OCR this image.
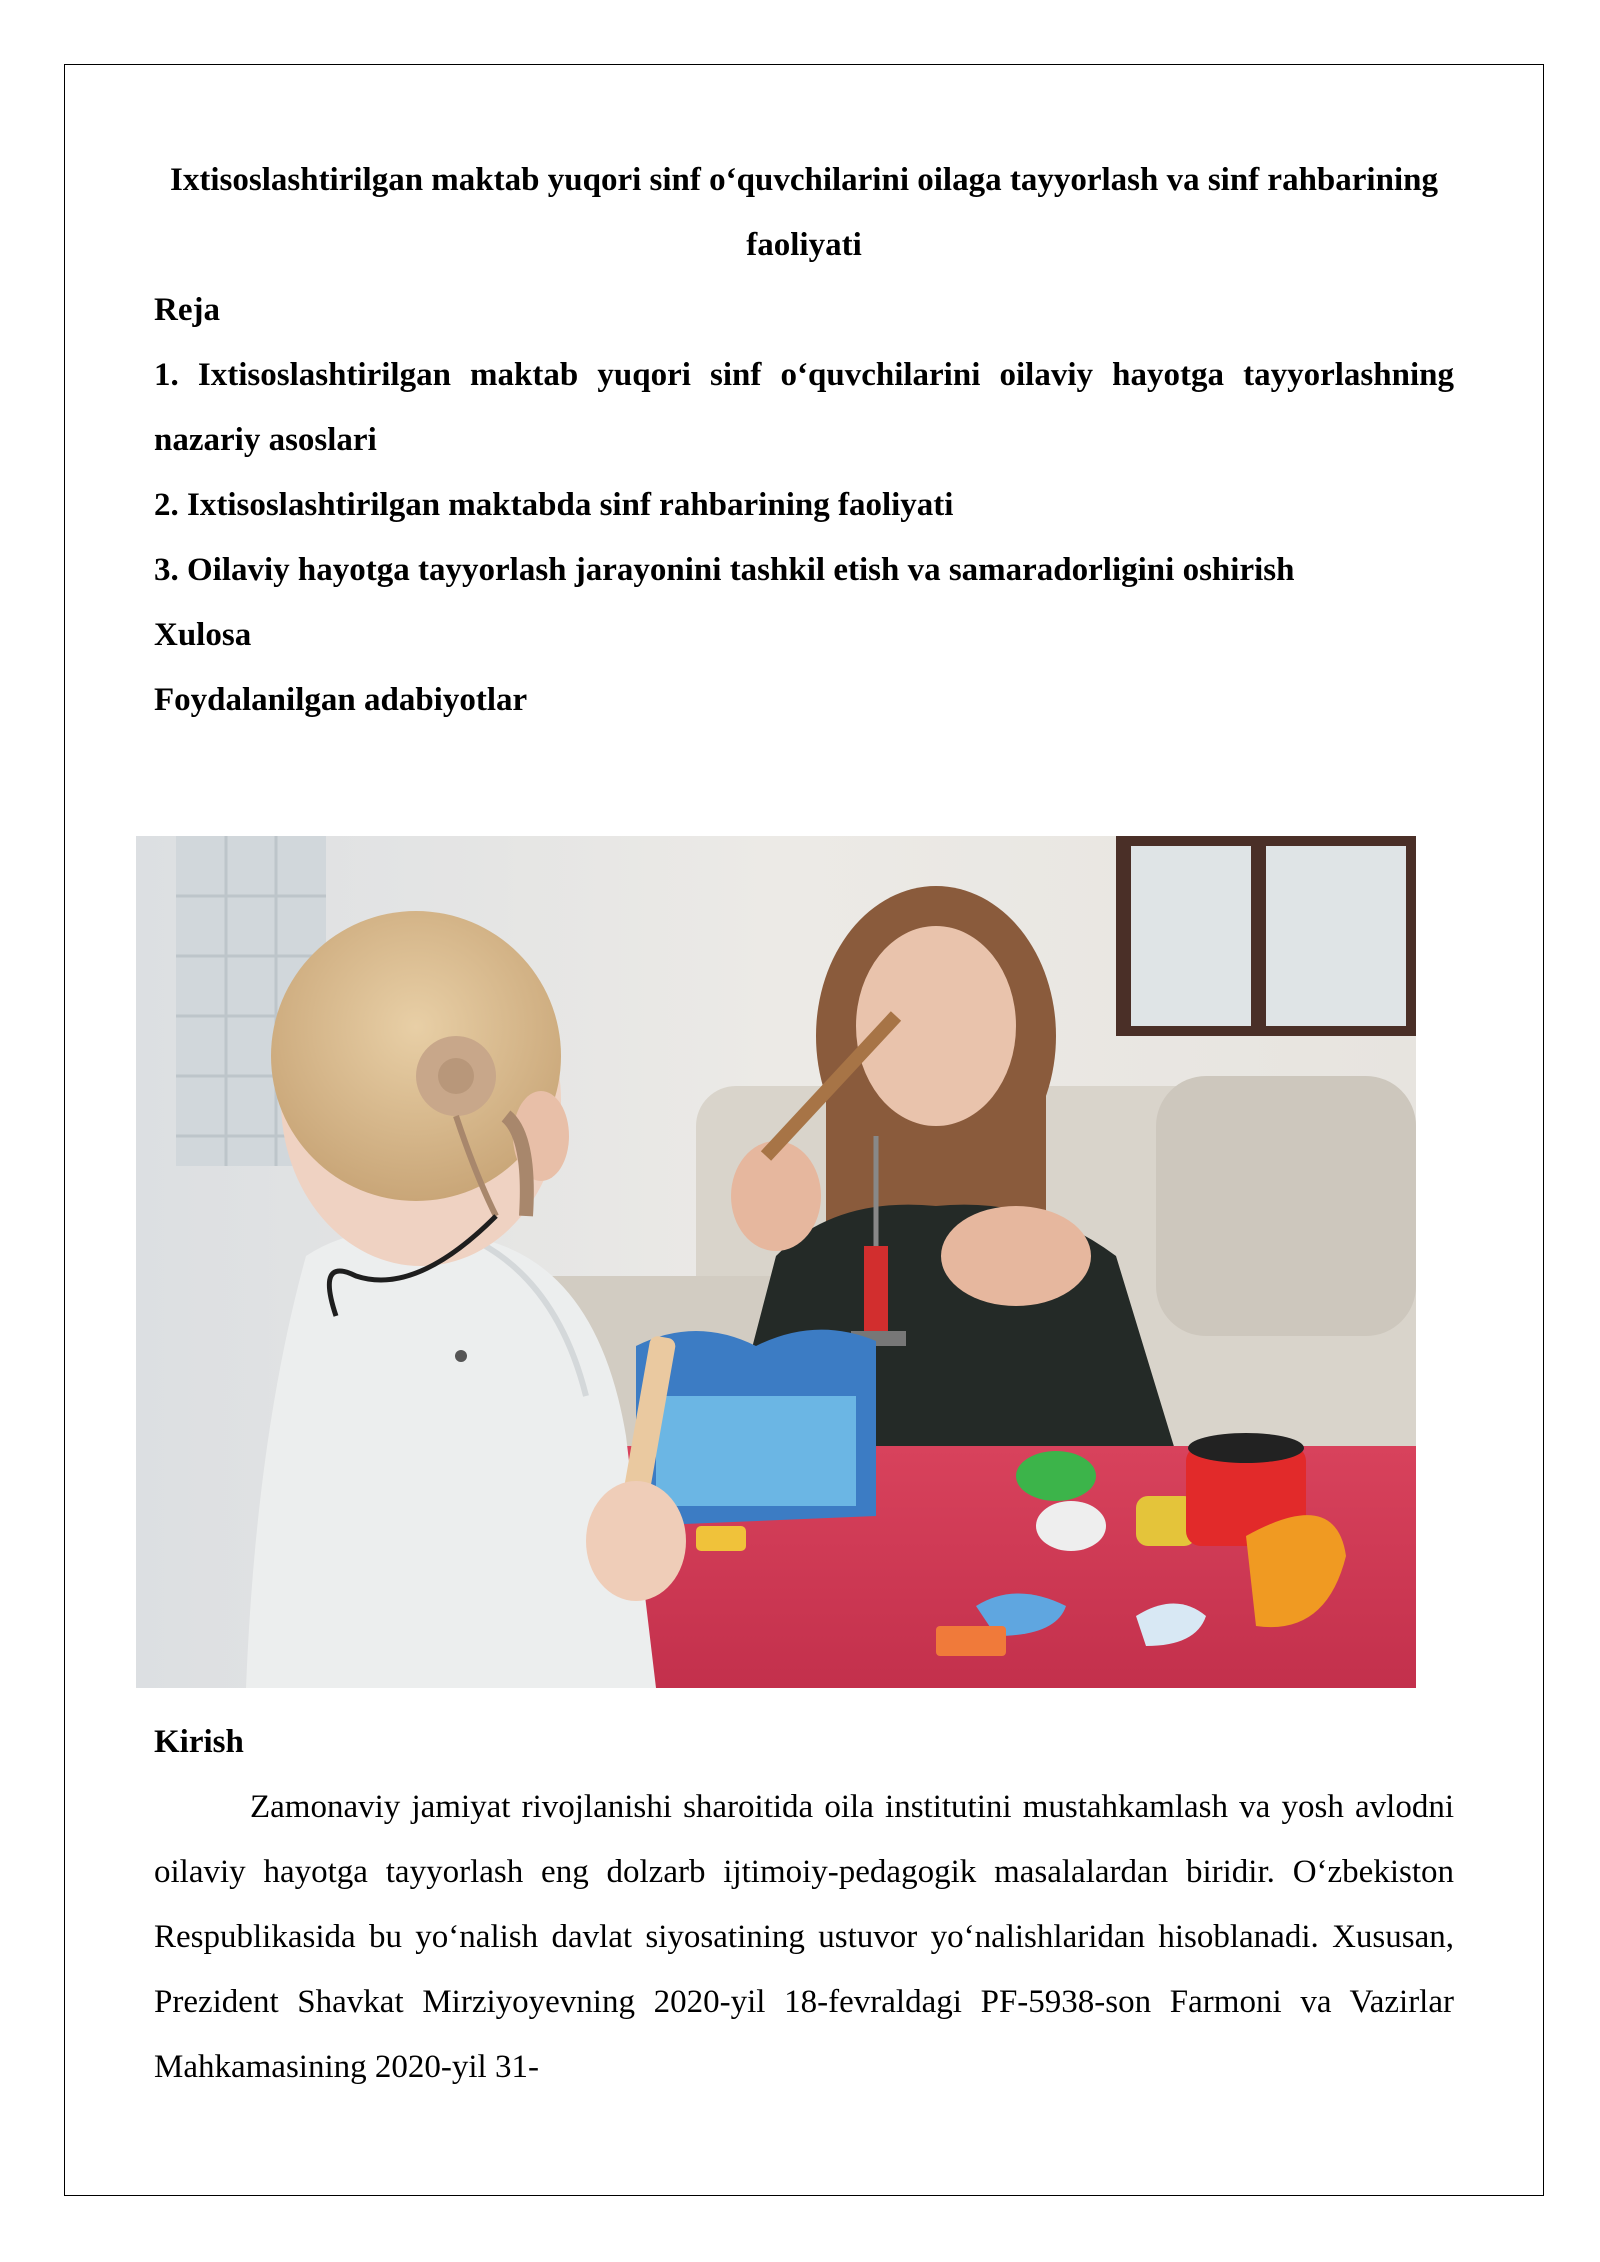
Ixtisoslashtirilgan maktab yuqori sinf o‘quvchilarini oilaga tayyorlash va sinf rahbarining faoliyati

Reja

1. Ixtisoslashtirilgan maktab yuqori sinf o‘quvchilarini oilaviy hayotga tayyorlashning nazariy asoslari

2. Ixtisoslashtirilgan maktabda sinf rahbarining faoliyati

3. Oilaviy hayotga tayyorlash jarayonini tashkil etish va samaradorligini oshirish

Xulosa

Foydalanilgan adabiyotlar

Kirish

Zamonaviy jamiyat rivojlanishi sharoitida oila institutini mustahkamlash va yosh avlodni oilaviy hayotga tayyorlash eng dolzarb ijtimoiy-pedagogik masalalardan biridir. O‘zbekiston Respublikasida bu yo‘nalish davlat siyosatining ustuvor yo‘nalishlaridan hisoblanadi. Xususan, Prezident Shavkat Mirziyoyevning 2020-yil 18-fevraldagi PF-5938-son Farmoni va Vazirlar Mahkamasining 2020-yil 31-
